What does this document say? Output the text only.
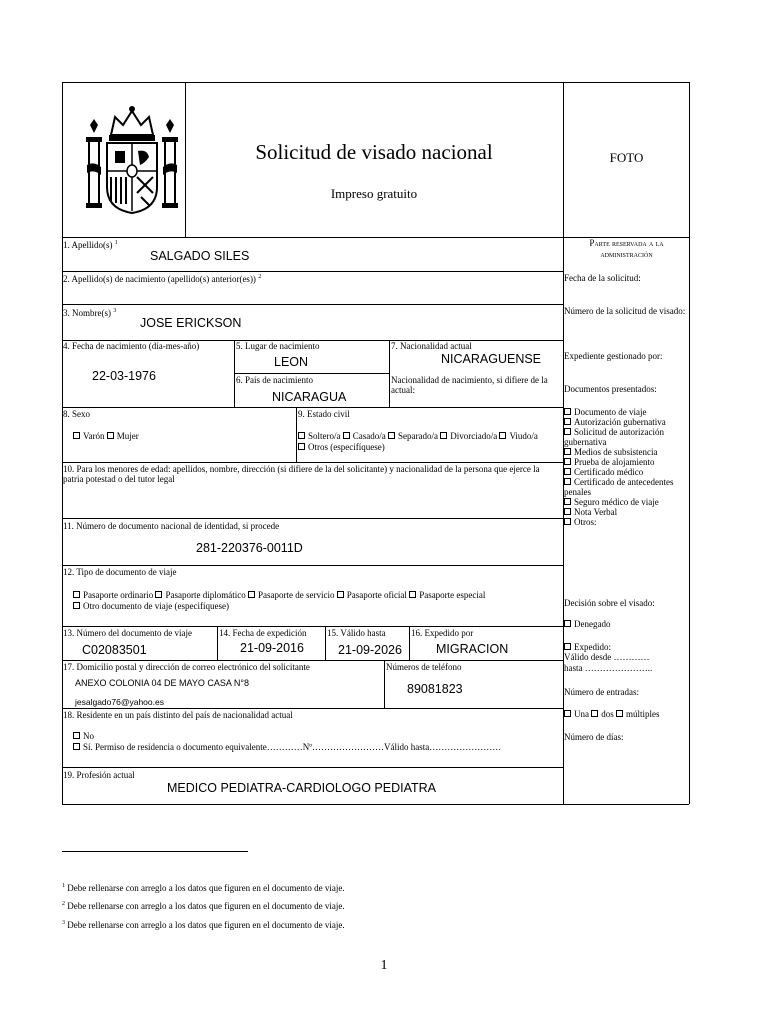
Solicitud de visado nacional
Impreso gratuito
FOTO
1. Apellido(s) $^1$
SALGADO SILES
2. Apellido(s) de nacimiento (apellido(s) anterior(es)) $^2$
3. Nombre(s) $^3$
JOSE ERICKSON
4. Fecha de nacimiento (día-mes-año)
22-03-1976
5. Lugar de nacimiento
LEON
6. País de nacimiento
NICARAGUA
7. Nacionalidad actual
NICARAGUENSE
Nacionalidad de nacimiento, si difiere de la actual:
8. Sexo
Varón Mujer
9. Estado civil
Soltero/a Casado/a Separado/a Divorciado/a Viudo/a
Otros (especifíquese)
10. Para los menores de edad: apellidos, nombre, dirección (si difiere de la del solicitante) y nacionalidad de la persona que ejerce la patria potestad o del tutor legal
11. Número de documento nacional de identidad, si procede
281-220376-0011D
12. Tipo de documento de viaje
Pasaporte ordinario Pasaporte diplomático Pasaporte de servicio Pasaporte oficial Pasaporte especial
Otro documento de viaje (especifíquese)
13. Número del documento de viaje
C02083501
14. Fecha de expedición
21-09-2016
15. Válido hasta
21-09-2026
16. Expedido por
MIGRACION
17. Domicilio postal y dirección de correo electrónico del solicitante
ANEXO COLONIA 04 DE MAYO CASA N°8
jesalgado76@yahoo.es
Números de teléfono
89081823
18. Residente en un país distinto del país de nacionalidad actual
No
Sí. Permiso de residencia o documento equivalente…………Nº……………………Válido hasta……………………
19. Profesión actual
MEDICO PEDIATRA-CARDIOLOGO PEDIATRA
Parte reservada a la
administración
Fecha de la solicitud:
Número de la solicitud de visado:
Expediente gestionado por:
Documentos presentados:
Documento de viaje
Autorización gubernativa
Solicitud de autorización gubernativa
Medios de subsistencia
Prueba de alojamiento
Certificado médico
Certificado de antecedentes penales
Seguro médico de viaje
Nota Verbal
Otros:
Decisión sobre el visado:
Denegado
Expedido:
Válido desde …………
hasta …………………..
Número de entradas:
Una dos múltiples
Número de días:
$^1$ Debe rellenarse con arreglo a los datos que figuren en el documento de viaje.
$^2$ Debe rellenarse con arreglo a los datos que figuren en el documento de viaje.
$^3$ Debe rellenarse con arreglo a los datos que figuren en el documento de viaje.
1
